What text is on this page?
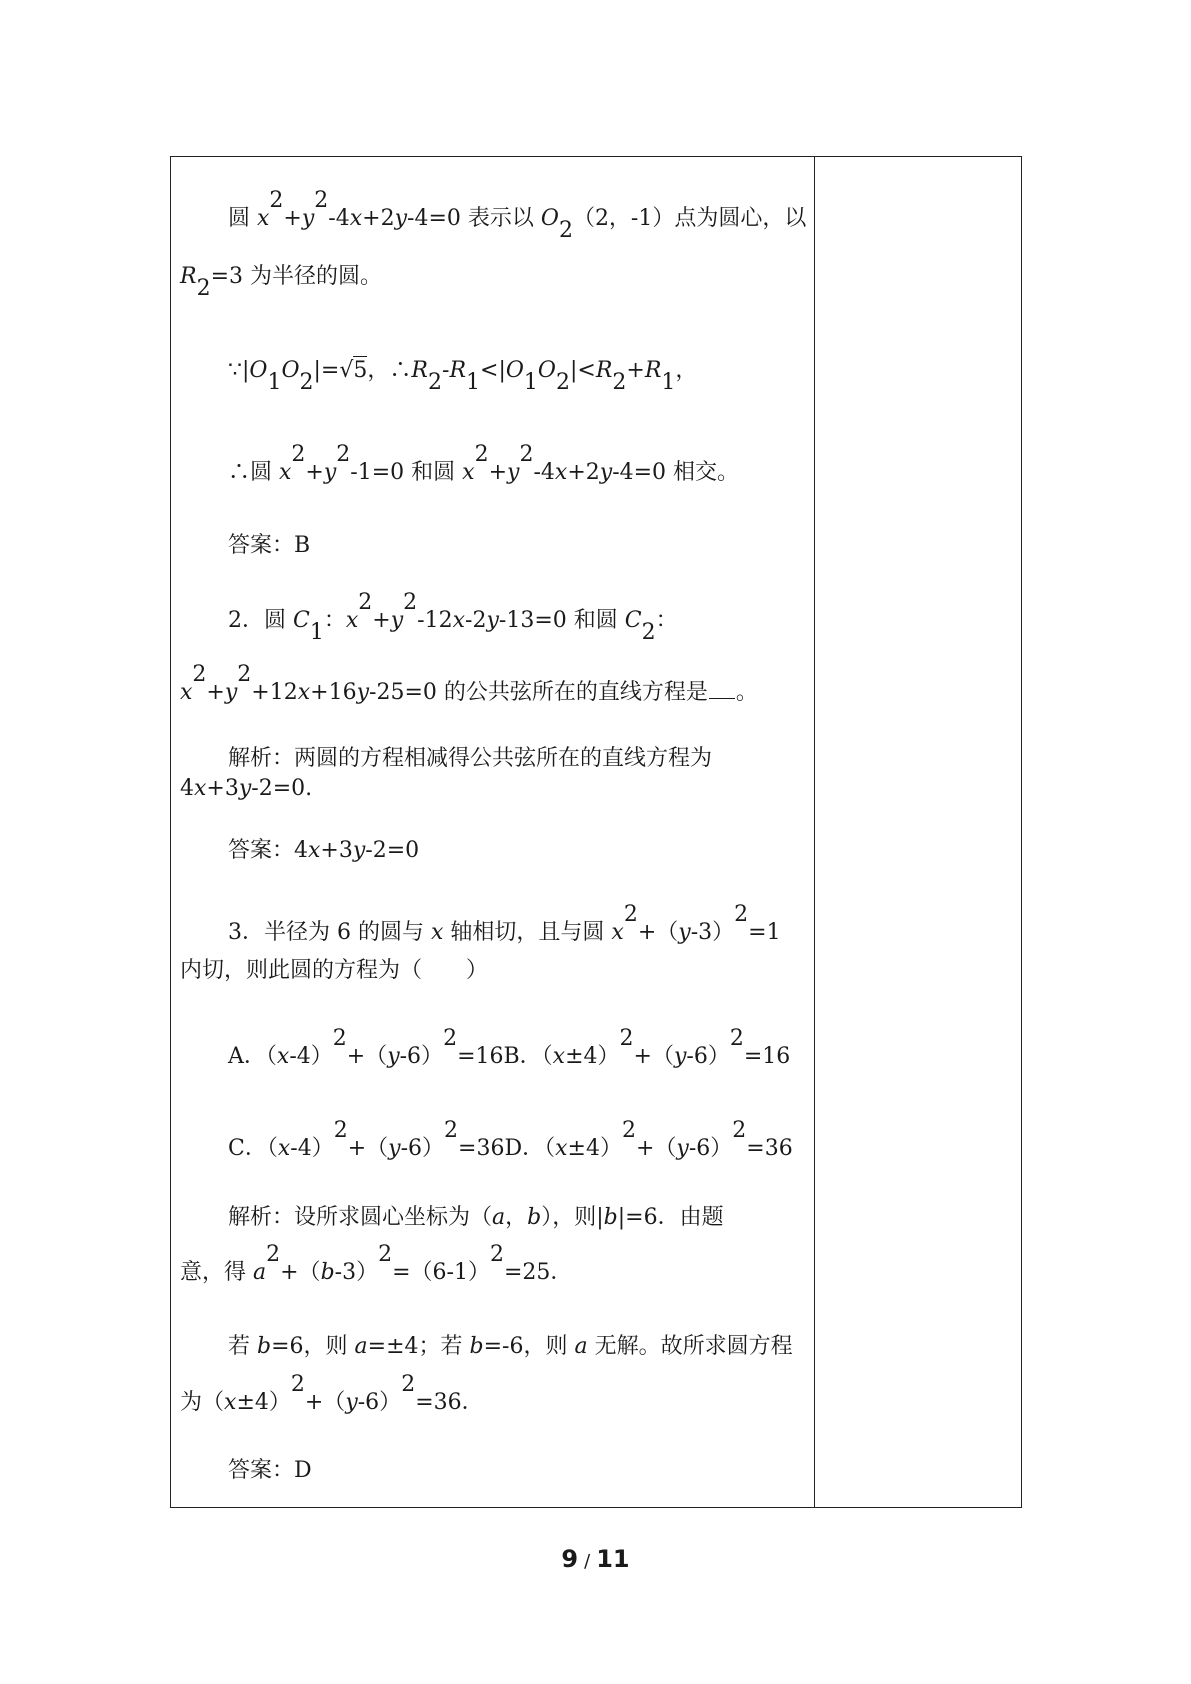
圆 x2+y2-4x+2y-4=0 表示以 O2（2，-1）点为圆心，以
R2=3 为半径的圆。
∵|O1O2|=√5，∴R2-R1<|O1O2|<R2+R1，
∴圆 x2+y2-1=0 和圆 x2+y2-4x+2y-4=0 相交。
答案：B
2．圆 C1：x2+y2-12x-2y-13=0 和圆 C2：
x2+y2+12x+16y-25=0 的公共弦所在的直线方程是 。
解析：两圆的方程相减得公共弦所在的直线方程为
4x+3y-2=0.
答案：4x+3y-2=0
3．半径为 6 的圆与 x 轴相切，且与圆 x2+（y-3）2=1
内切，则此圆的方程为（　　）
A．（x-4）2+（y-6）2=16B．（x±4）2+（y-6）2=16
C．（x-4）2+（y-6）2=36D．（x±4）2+（y-6）2=36
解析：设所求圆心坐标为（a，b），则|b|=6．由题
意，得 a2+（b-3）2=（6-1）2=25．
若 b=6，则 a=±4；若 b=-6，则 a 无解。故所求圆方程
为（x±4）2+（y-6）2=36．
答案：D
9 / 11
